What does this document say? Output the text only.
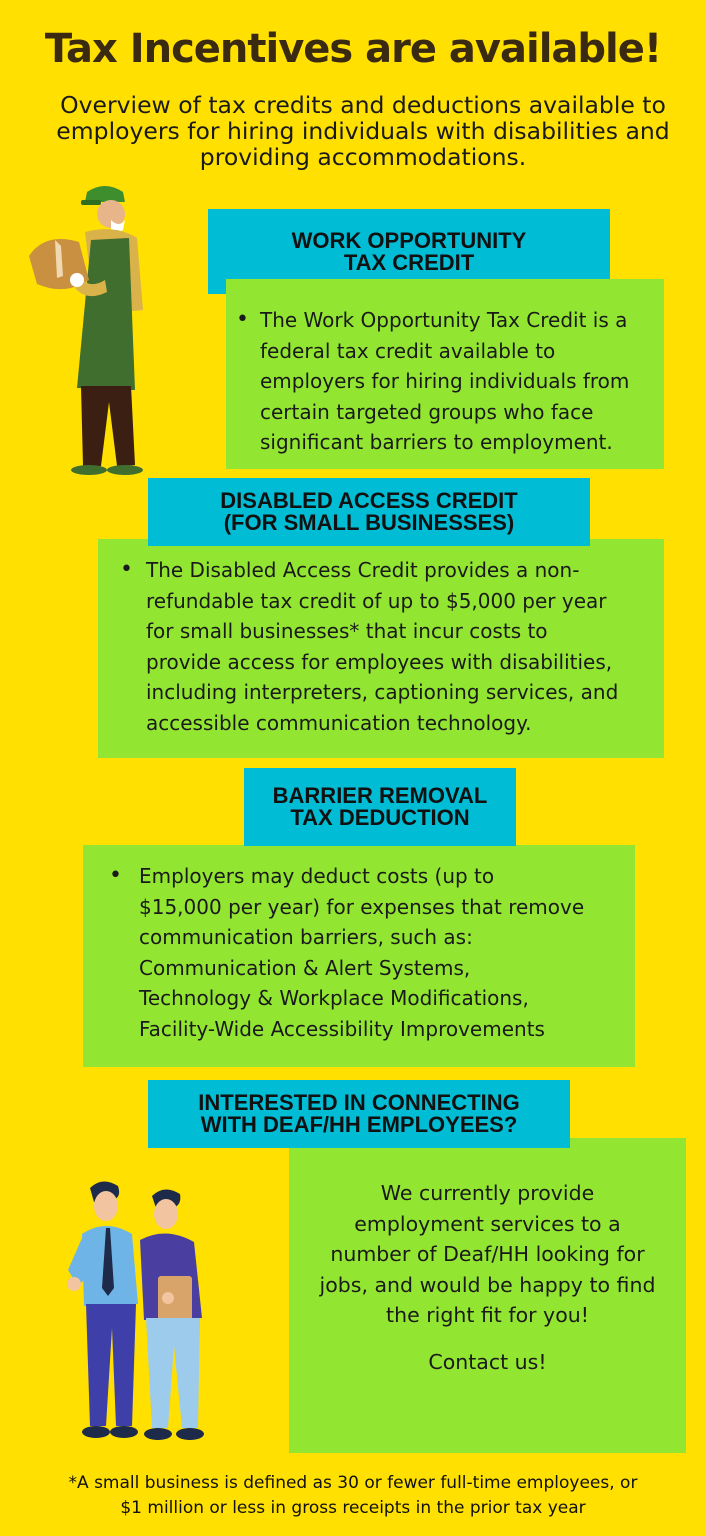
Tax Incentives are available!
Overview of tax credits and deductions available to employers for hiring individuals with disabilities and providing accommodations.
WORK OPPORTUNITY
TAX CREDIT
• The Work Opportunity Tax Credit is a
federal tax credit available to
employers for hiring individuals from
certain targeted groups who face
significant barriers to employment.
• The Disabled Access Credit provides a non-
refundable tax credit of up to $5,000 per year
for small businesses* that incur costs to
provide access for employees with disabilities,
including interpreters, captioning services, and
accessible communication technology.
DISABLED ACCESS CREDIT
(FOR SMALL BUSINESSES)
• Employers may deduct costs (up to
$15,000 per year) for expenses that remove
communication barriers, such as:
Communication & Alert Systems,
Technology & Workplace Modifications,
Facility-Wide Accessibility Improvements
BARRIER REMOVAL
TAX DEDUCTION
We currently provide
employment services to a
number of Deaf/HH looking for
jobs, and would be happy to find
the right fit for you!
Contact us!
INTERESTED IN CONNECTING
WITH DEAF/HH EMPLOYEES?
*A small business is defined as 30 or fewer full-time employees, or
$1 million or less in gross receipts in the prior tax year
